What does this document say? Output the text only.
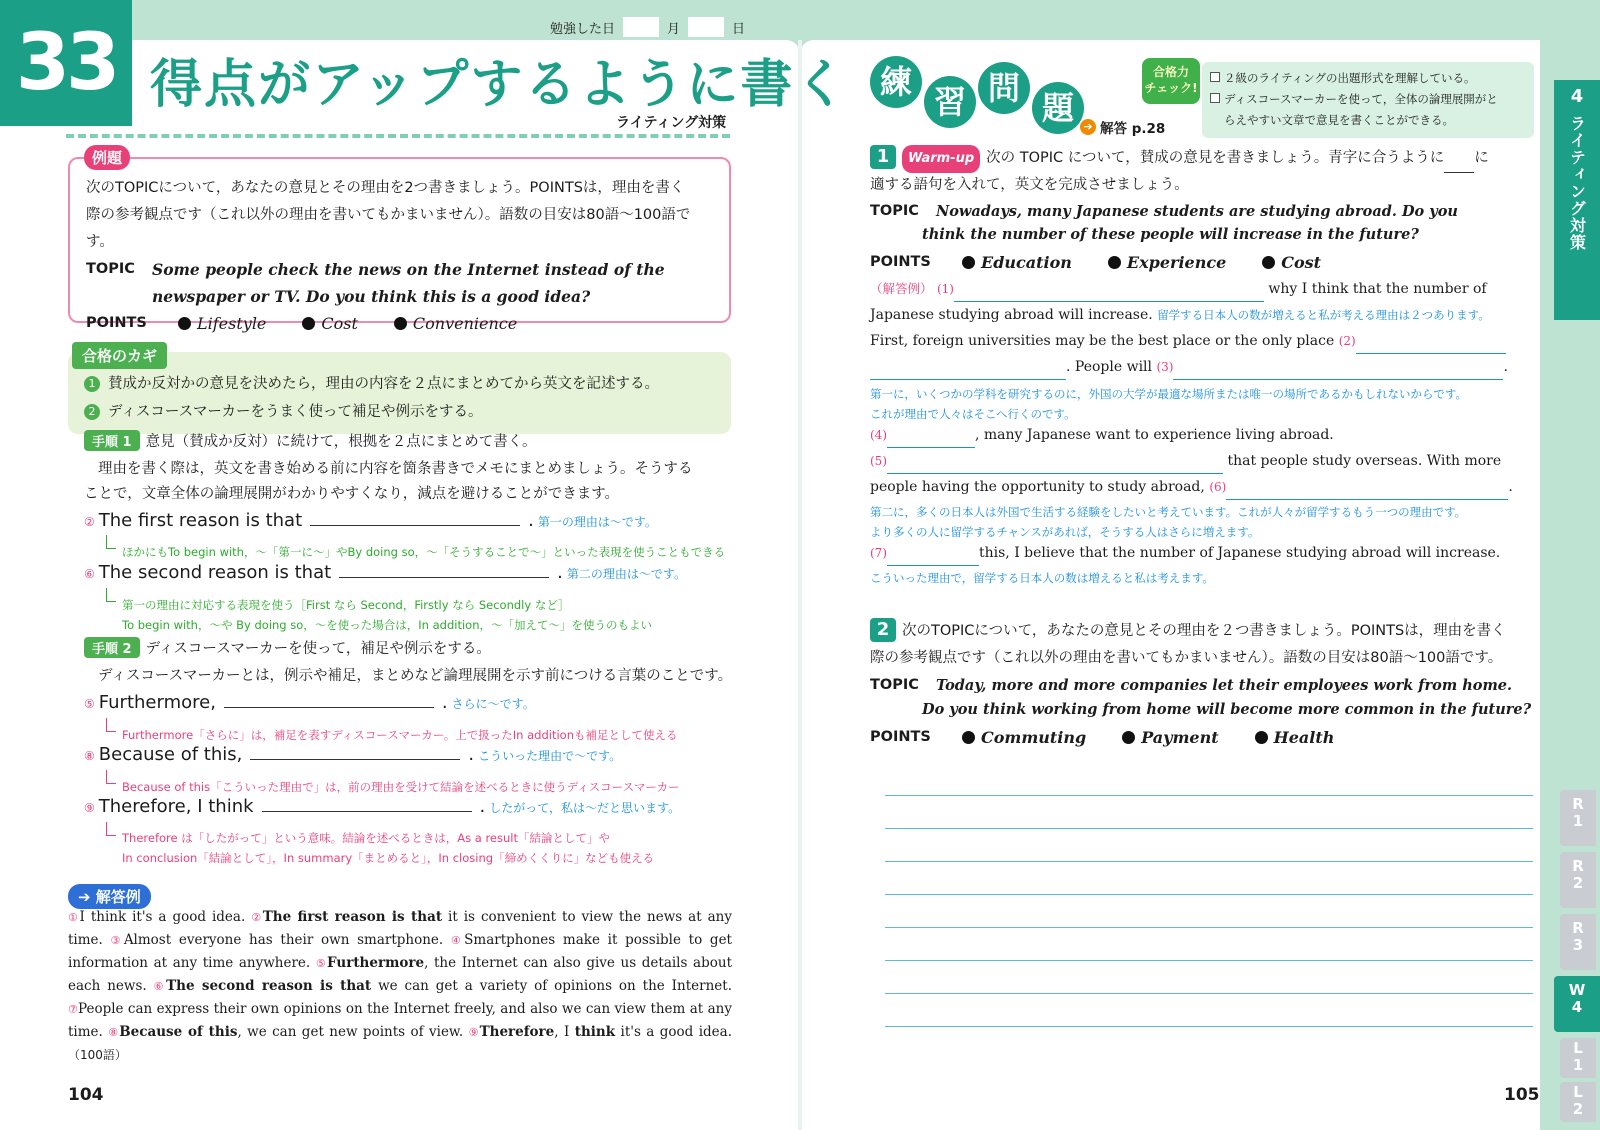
勉強した日	月	日
33 得点がアップするように書く
ライティング対策
例題
次のTOPICについて，あなたの意見とその理由を2つ書きましょう。POINTSは，理由を書く
際の参考観点です（これ以外の理由を書いてもかまいません）。語数の目安は80語～100語です。
TOPIC	Some people check the news on the Internet instead of the newspaper or TV. Do you think this is a good idea?
POINTS	Lifestyle	Cost	Convenience
1 賛成か反対かの意見を決めたら，理由の内容を２点にまとめてから英文を記述する。
2 ディスコースマーカーをうまく使って補足や例示をする。
合格のカギ
手順 1 意見（賛成か反対）に続けて，根拠を２点にまとめて書く。
理由を書く際は，英文を書き始める前に内容を箇条書きでメモにまとめましょう。そうする
ことで，文章全体の論理展開がわかりやすくなり，減点を避けることができます。
② The first reason is that	. 第一の理由は～です。
ほかにもTo begin with，～「第一に～」やBy doing so，～「そうすることで～」といった表現を使うこともできる
⑥ The second reason is that	. 第二の理由は～です。
第一の理由に対応する表現を使う［First なら Second，Firstly なら Secondly など］
To begin with，～や By doing so，～を使った場合は，In addition，～「加えて～」を使うのもよい
手順 2 ディスコースマーカーを使って，補足や例示をする。
ディスコースマーカーとは，例示や補足，まとめなど論理展開を示す前につける言葉のことです。
⑤ Furthermore,	. さらに～です。
Furthermore「さらに」は，補足を表すディスコースマーカー。上で扱ったIn additionも補足として使える
⑧ Because of this,	. こういった理由で～です。
Because of this「こういった理由で」は，前の理由を受けて結論を述べるときに使うディスコースマーカー
⑨ Therefore, I think	. したがって，私は～だと思います。
Therefore は「したがって」という意味。結論を述べるときは，As a result「結論として」や
In conclusion「結論として」，In summary「まとめると」，In closing「締めくくりに」なども使える
➔ 解答例
①I think it's a good idea. ②The first reason is that it is convenient to view the news at any time. ③Almost everyone has their own smartphone. ④Smartphones make it possible to get information at any time anywhere. ⑤Furthermore, the Internet can also give us details about each news. ⑥The second reason is that we can get a variety of opinions on the Internet. ⑦People can express their own opinions on the Internet freely, and also we can view them at any time. ⑧Because of this, we can get new points of view. ⑨Therefore, I think it's a good idea. （100語）
104
練
習 問
題 ➔ 解答 p.28
合格力
チェック!
２級のライティングの出題形式を理解している。
ディスコースマーカーを使って，全体の論理展開がと
らえやすい文章で意見を書くことができる。
1 Warm-up 次の TOPIC について，賛成の意見を書きましょう。青字に合うように に
適する語句を入れて，英文を完成させましょう。
TOPIC	Nowadays, many Japanese students are studying abroad. Do you
think the number of these people will increase in the future?
POINTS	Education	Experience	Cost
（解答例） (1)	why I think that the number of
Japanese studying abroad will increase. 留学する日本人の数が増えると私が考える理由は２つあります。
First, foreign universities may be the best place or the only place (2)
. People will (3)	.
第一に，いくつかの学科を研究するのに，外国の大学が最適な場所または唯一の場所であるかもしれないからです。
これが理由で人々はそこへ行くのです。
(4)	, many Japanese want to experience living abroad.
(5)	that people study overseas. With more
people having the opportunity to study abroad, (6)	.
第二に，多くの日本人は外国で生活する経験をしたいと考えています。これが人々が留学するもう一つの理由です。
より多くの人に留学するチャンスがあれば，そうする人はさらに増えます。
(7)	this, I believe that the number of Japanese studying abroad will increase.
こういった理由で，留学する日本人の数は増えると私は考えます。
2 次のTOPICについて，あなたの意見とその理由を２つ書きましょう。POINTSは，理由を書く
際の参考観点です（これ以外の理由を書いてもかまいません）。語数の目安は80語～100語です。
TOPIC	Today, more and more companies let their employees work from home.
Do you think working from home will become more common in the future?
POINTS	Commuting	Payment	Health
105
4
ライティング対策
R
1
R
2
R
3
W
4
L
1
L
2
